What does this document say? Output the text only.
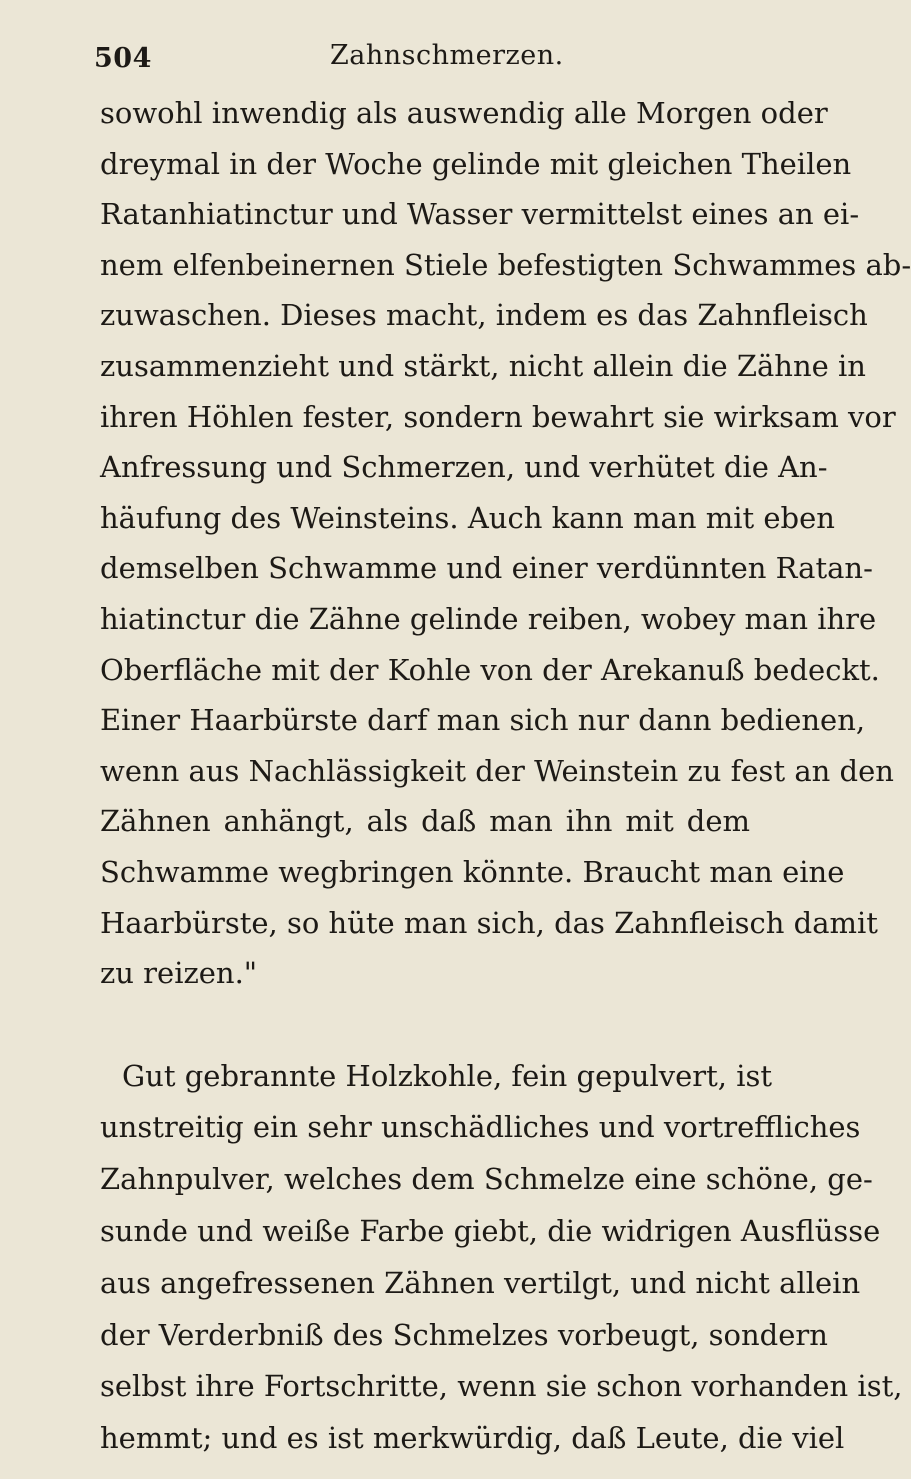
504	Zahnschmerzen.
sowohl inwendig als auswendig alle Morgen oder
dreymal in der Woche gelinde mit gleichen Theilen
Ratanhiatinctur und Wasser vermittelst eines an ei-
nem elfenbeinernen Stiele befestigten Schwammes ab-
zuwaschen. Dieses macht, indem es das Zahnfleisch
zusammenzieht und stärkt, nicht allein die Zähne in
ihren Höhlen fester, sondern bewahrt sie wirksam vor
Anfressung und Schmerzen, und verhütet die An-
häufung des Weinsteins. Auch kann man mit eben
demselben Schwamme und einer verdünnten Ratan-
hiatinctur die Zähne gelinde reiben, wobey man ihre
Oberfläche mit der Kohle von der Arekanuß bedeckt.
Einer Haarbürste darf man sich nur dann bedienen,
wenn aus Nachlässigkeit der Weinstein zu fest an den
Zähnen anhängt, als daß man ihn mit dem
Schwamme wegbringen könnte. Braucht man eine
Haarbürste, so hüte man sich, das Zahnfleisch damit
zu reizen."
Gut gebrannte Holzkohle, fein gepulvert, ist
unstreitig ein sehr unschädliches und vortreffliches
Zahnpulver, welches dem Schmelze eine schöne, ge-
sunde und weiße Farbe giebt, die widrigen Ausflüsse
aus angefressenen Zähnen vertilgt, und nicht allein
der Verderbniß des Schmelzes vorbeugt, sondern
selbst ihre Fortschritte, wenn sie schon vorhanden ist,
hemmt; und es ist merkwürdig, daß Leute, die viel
